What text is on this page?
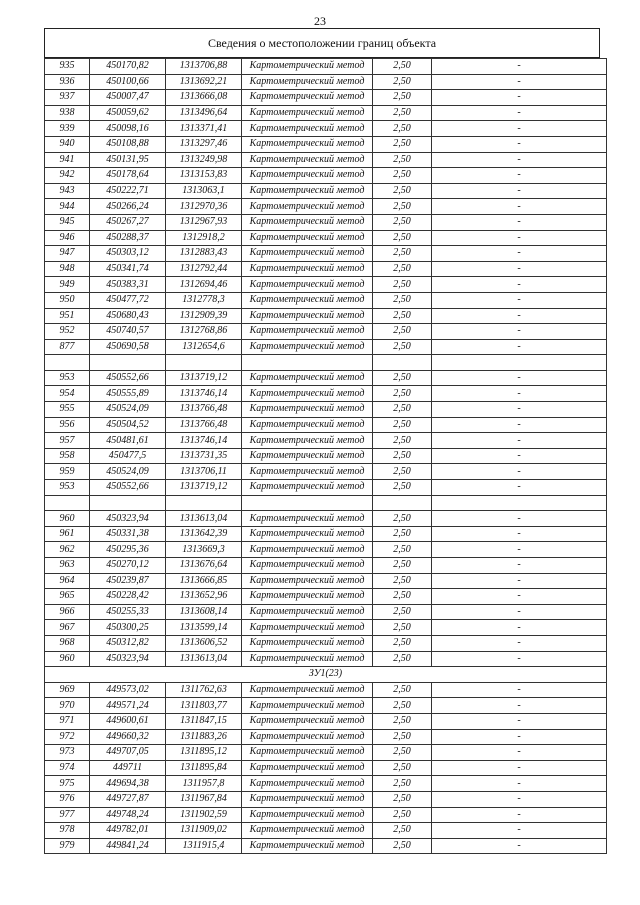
23
Сведения о местоположении границ объекта
935	450170,82	1313706,88	Картометрический метод	2,50	-
936	450100,66	1313692,21	Картометрический метод	2,50	-
937	450007,47	1313666,08	Картометрический метод	2,50	-
938	450059,62	1313496,64	Картометрический метод	2,50	-
939	450098,16	1313371,41	Картометрический метод	2,50	-
940	450108,88	1313297,46	Картометрический метод	2,50	-
941	450131,95	1313249,98	Картометрический метод	2,50	-
942	450178,64	1313153,83	Картометрический метод	2,50	-
943	450222,71	1313063,1	Картометрический метод	2,50	-
944	450266,24	1312970,36	Картометрический метод	2,50	-
945	450267,27	1312967,93	Картометрический метод	2,50	-
946	450288,37	1312918,2	Картометрический метод	2,50	-
947	450303,12	1312883,43	Картометрический метод	2,50	-
948	450341,74	1312792,44	Картометрический метод	2,50	-
949	450383,31	1312694,46	Картометрический метод	2,50	-
950	450477,72	1312778,3	Картометрический метод	2,50	-
951	450680,43	1312909,39	Картометрический метод	2,50	-
952	450740,57	1312768,86	Картометрический метод	2,50	-
877	450690,58	1312654,6	Картометрический метод	2,50	-

953	450552,66	1313719,12	Картометрический метод	2,50	-
954	450555,89	1313746,14	Картометрический метод	2,50	-
955	450524,09	1313766,48	Картометрический метод	2,50	-
956	450504,52	1313766,48	Картометрический метод	2,50	-
957	450481,61	1313746,14	Картометрический метод	2,50	-
958	450477,5	1313731,35	Картометрический метод	2,50	-
959	450524,09	1313706,11	Картометрический метод	2,50	-
953	450552,66	1313719,12	Картометрический метод	2,50	-

960	450323,94	1313613,04	Картометрический метод	2,50	-
961	450331,38	1313642,39	Картометрический метод	2,50	-
962	450295,36	1313669,3	Картометрический метод	2,50	-
963	450270,12	1313676,64	Картометрический метод	2,50	-
964	450239,87	1313666,85	Картометрический метод	2,50	-
965	450228,42	1313652,96	Картометрический метод	2,50	-
966	450255,33	1313608,14	Картометрический метод	2,50	-
967	450300,25	1313599,14	Картометрический метод	2,50	-
968	450312,82	1313606,52	Картометрический метод	2,50	-
960	450323,94	1313613,04	Картометрический метод	2,50	-
ЗУ1(23)					
969	449573,02	1311762,63	Картометрический метод	2,50	-
970	449571,24	1311803,77	Картометрический метод	2,50	-
971	449600,61	1311847,15	Картометрический метод	2,50	-
972	449660,32	1311883,26	Картометрический метод	2,50	-
973	449707,05	1311895,12	Картометрический метод	2,50	-
974	449711	1311895,84	Картометрический метод	2,50	-
975	449694,38	1311957,8	Картометрический метод	2,50	-
976	449727,87	1311967,84	Картометрический метод	2,50	-
977	449748,24	1311902,59	Картометрический метод	2,50	-
978	449782,01	1311909,02	Картометрический метод	2,50	-
979	449841,24	1311915,4	Картометрический метод	2,50	-
